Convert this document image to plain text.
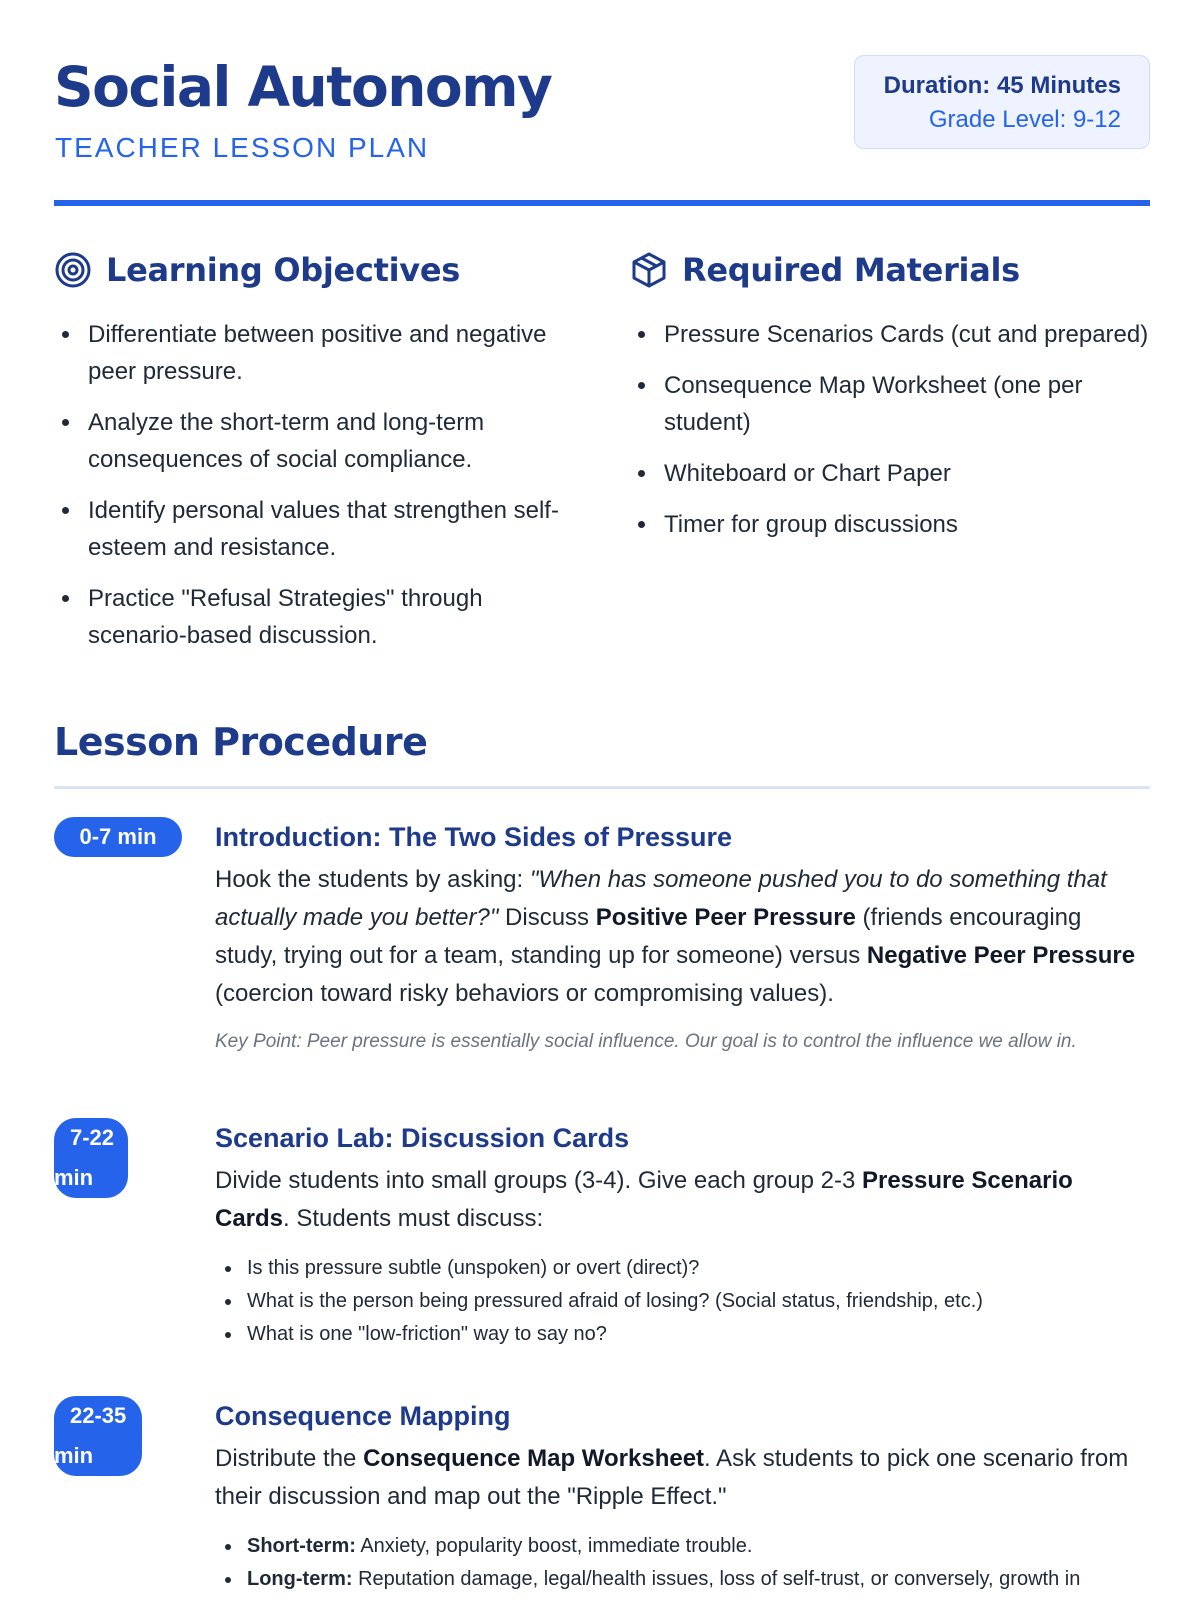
Social Autonomy
TEACHER LESSON PLAN
Duration: 45 Minutes
Grade Level: 9-12
Learning Objectives
Differentiate between positive and negative peer pressure.
Analyze the short-term and long-term consequences of social compliance.
Identify personal values that strengthen self-esteem and resistance.
Practice "Refusal Strategies" through scenario-based discussion.
Required Materials
Pressure Scenarios Cards (cut and prepared)
Consequence Map Worksheet (one per student)
Whiteboard or Chart Paper
Timer for group discussions
Lesson Procedure
0-7 min	Introduction: The Two Sides of Pressure

Hook the students by asking: "When has someone pushed you to do something that actually made you better?" Discuss Positive Peer Pressure (friends encouraging study, trying out for a team, standing up for someone) versus Negative Peer Pressure (coercion toward risky behaviors or compromising values).

Key Point: Peer pressure is essentially social influence. Our goal is to control the influence we allow in.
7-22
min
Scenario Lab: Discussion Cards

Divide students into small groups (3-4). Give each group 2-3 Pressure Scenario Cards. Students must discuss:

Is this pressure subtle (unspoken) or overt (direct)?
What is the person being pressured afraid of losing? (Social status, friendship, etc.)
What is one "low-friction" way to say no?
22-35
min
Consequence Mapping

Distribute the Consequence Map Worksheet. Ask students to pick one scenario from their discussion and map out the "Ripple Effect."

Short-term: Anxiety, popularity boost, immediate trouble.
Long-term: Reputation damage, legal/health issues, loss of self-trust, or conversely, growth in
